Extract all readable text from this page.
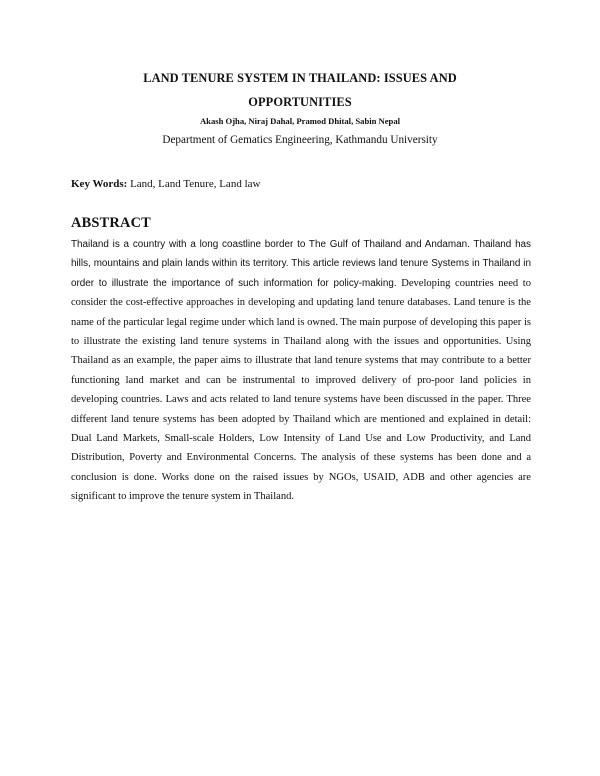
LAND TENURE SYSTEM IN THAILAND: ISSUES AND
OPPORTUNITIES
Akash Ojha, Niraj Dahal, Pramod Dhital, Sabin Nepal
Department of Gematics Engineering, Kathmandu University
Key Words: Land, Land Tenure, Land law
ABSTRACT
Thailand is a country with a long coastline border to The Gulf of Thailand and Andaman. Thailand has hills, mountains and plain lands within its territory. This article reviews land tenure Systems in Thailand in order to illustrate the importance of such information for policy-making. Developing countries need to consider the cost-effective approaches in developing and updating land tenure databases. Land tenure is the name of the particular legal regime under which land is owned. The main purpose of developing this paper is to illustrate the existing land tenure systems in Thailand along with the issues and opportunities. Using Thailand as an example, the paper aims to illustrate that land tenure systems that may contribute to a better functioning land market and can be instrumental to improved delivery of pro-poor land policies in developing countries. Laws and acts related to land tenure systems have been discussed in the paper. Three different land tenure systems has been adopted by Thailand which are mentioned and explained in detail: Dual Land Markets, Small-scale Holders, Low Intensity of Land Use and Low Productivity, and Land Distribution, Poverty and Environmental Concerns. The analysis of these systems has been done and a conclusion is done. Works done on the raised issues by NGOs, USAID, ADB and other agencies are significant to improve the tenure system in Thailand.
